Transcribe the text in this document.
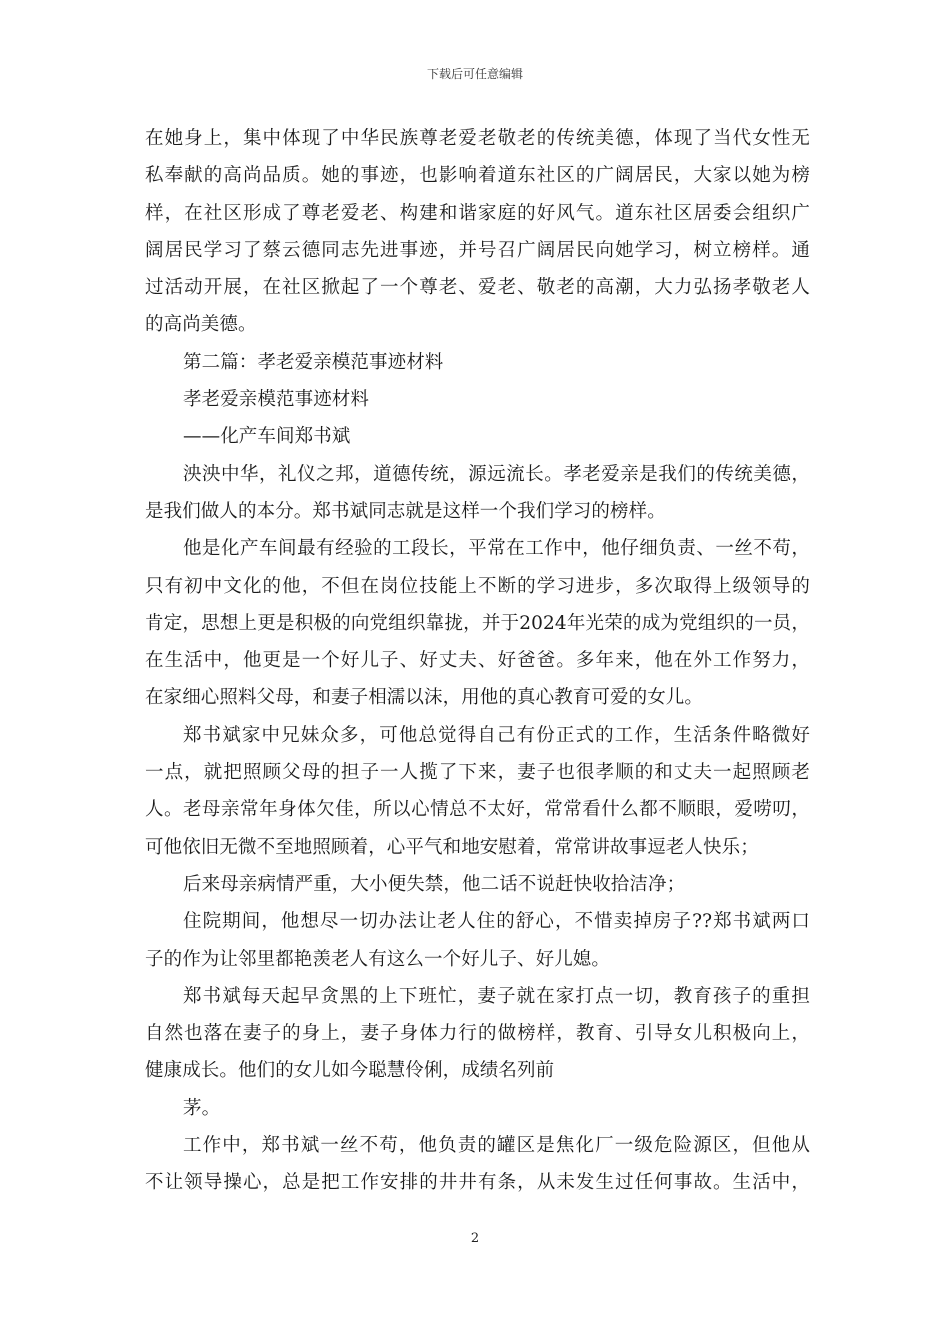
下载后可任意编辑
在她身上，集中体现了中华民族尊老爱老敬老的传统美德，体现了当代女性无
私奉献的高尚品质。她的事迹，也影响着道东社区的广阔居民，大家以她为榜
样，在社区形成了尊老爱老、构建和谐家庭的好风气。道东社区居委会组织广
阔居民学习了蔡云德同志先进事迹，并号召广阔居民向她学习，树立榜样。通
过活动开展，在社区掀起了一个尊老、爱老、敬老的高潮，大力弘扬孝敬老人
的高尚美德。
第二篇：孝老爱亲模范事迹材料
孝老爱亲模范事迹材料
——化产车间郑书斌
泱泱中华，礼仪之邦，道德传统，源远流长。孝老爱亲是我们的传统美德，
是我们做人的本分。郑书斌同志就是这样一个我们学习的榜样。
他是化产车间最有经验的工段长，平常在工作中，他仔细负责、一丝不苟，
只有初中文化的他，不但在岗位技能上不断的学习进步，多次取得上级领导的
肯定，思想上更是积极的向党组织靠拢，并于2024年光荣的成为党组织的一员，
在生活中，他更是一个好儿子、好丈夫、好爸爸。多年来，他在外工作努力，
在家细心照料父母，和妻子相濡以沫，用他的真心教育可爱的女儿。
郑书斌家中兄妹众多，可他总觉得自己有份正式的工作，生活条件略微好
一点，就把照顾父母的担子一人揽了下来，妻子也很孝顺的和丈夫一起照顾老
人。老母亲常年身体欠佳，所以心情总不太好，常常看什么都不顺眼，爱唠叨，
可他依旧无微不至地照顾着，心平气和地安慰着，常常讲故事逗老人快乐；
后来母亲病情严重，大小便失禁，他二话不说赶快收拾洁净；
住院期间，他想尽一切办法让老人住的舒心，不惜卖掉房子??郑书斌两口
子的作为让邻里都艳羡老人有这么一个好儿子、好儿媳。
郑书斌每天起早贪黑的上下班忙，妻子就在家打点一切，教育孩子的重担
自然也落在妻子的身上，妻子身体力行的做榜样，教育、引导女儿积极向上，
健康成长。他们的女儿如今聪慧伶俐，成绩名列前
茅。
工作中，郑书斌一丝不苟，他负责的罐区是焦化厂一级危险源区，但他从
不让领导操心，总是把工作安排的井井有条，从未发生过任何事故。生活中，
2
